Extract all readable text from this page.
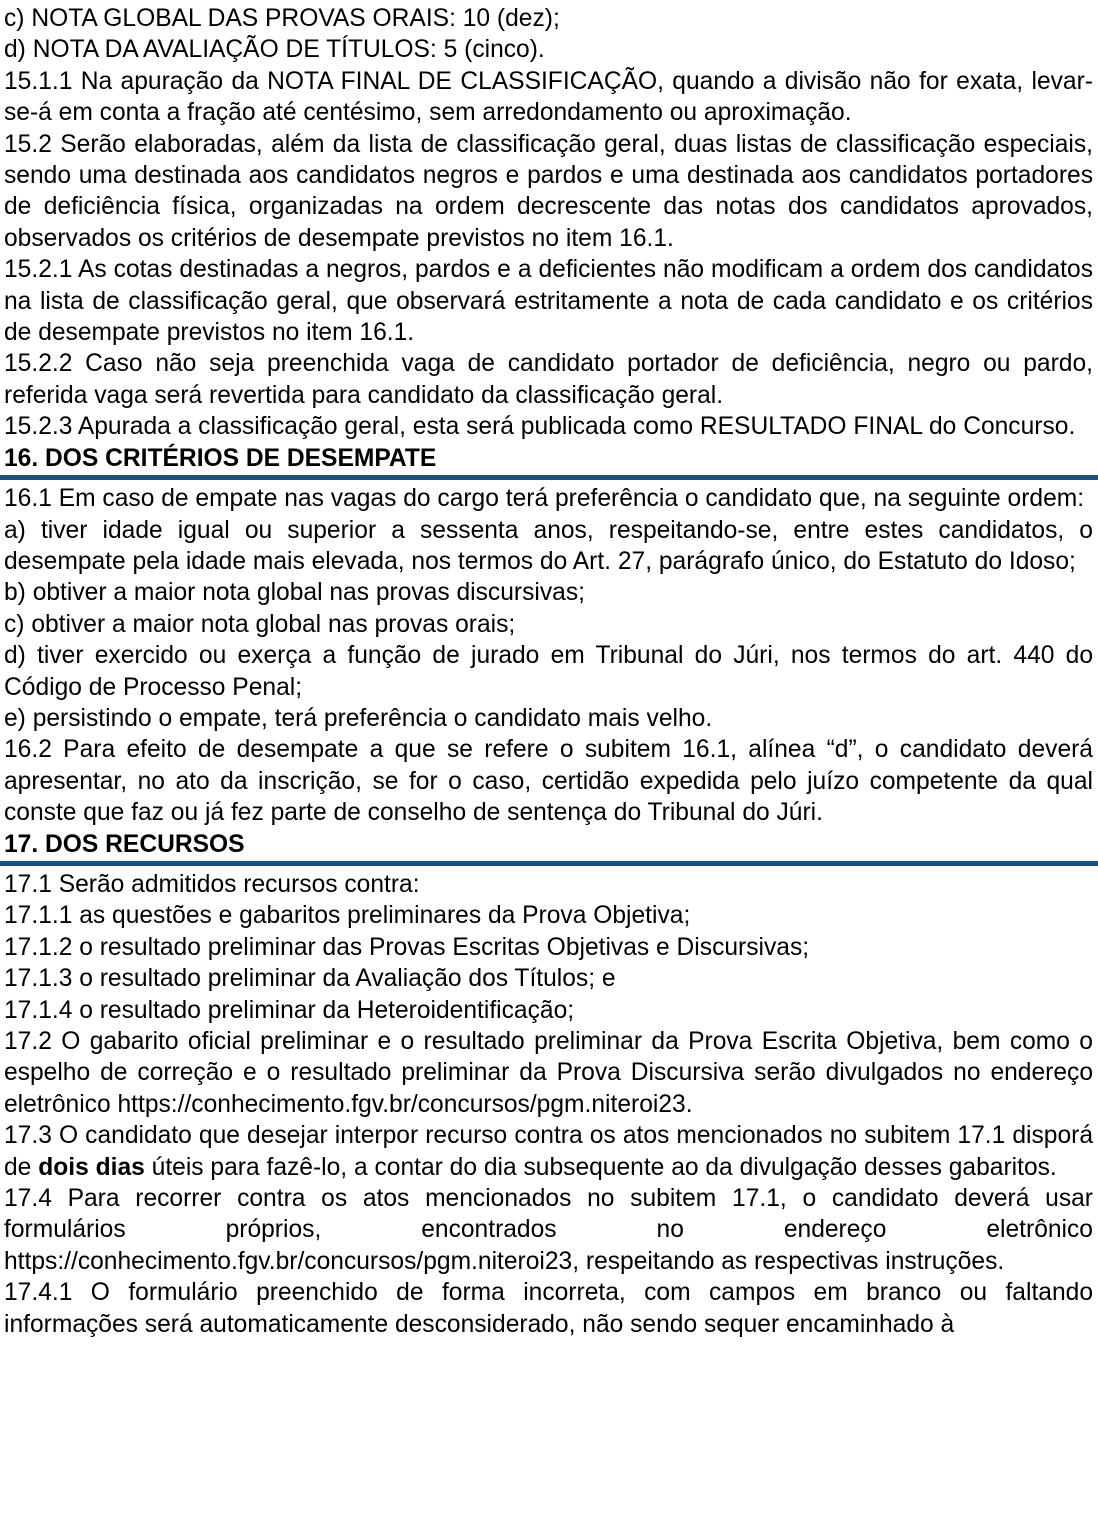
c) NOTA GLOBAL DAS PROVAS ORAIS: 10 (dez);

d) NOTA DA AVALIAÇÃO DE TÍTULOS: 5 (cinco).

15.1.1 Na apuração da NOTA FINAL DE CLASSIFICAÇÃO, quando a divisão não for exata, levar-se-á em conta a fração até centésimo, sem arredondamento ou aproximação.

15.2 Serão elaboradas, além da lista de classificação geral, duas listas de classificação especiais, sendo uma destinada aos candidatos negros e pardos e uma destinada aos candidatos portadores de deficiência física, organizadas na ordem decrescente das notas dos candidatos aprovados, observados os critérios de desempate previstos no item 16.1.

15.2.1 As cotas destinadas a negros, pardos e a deficientes não modificam a ordem dos candidatos na lista de classificação geral, que observará estritamente a nota de cada candidato e os critérios de desempate previstos no item 16.1.

15.2.2 Caso não seja preenchida vaga de candidato portador de deficiência, negro ou pardo, referida vaga será revertida para candidato da classificação geral.

15.2.3 Apurada a classificação geral, esta será publicada como RESULTADO FINAL do Concurso.

16. DOS CRITÉRIOS DE DESEMPATE

16.1 Em caso de empate nas vagas do cargo terá preferência o candidato que, na seguinte ordem:

a) tiver idade igual ou superior a sessenta anos, respeitando-se, entre estes candidatos, o desempate pela idade mais elevada, nos termos do Art. 27, parágrafo único, do Estatuto do Idoso;

b) obtiver a maior nota global nas provas discursivas;

c) obtiver a maior nota global nas provas orais;

d) tiver exercido ou exerça a função de jurado em Tribunal do Júri, nos termos do art. 440 do Código de Processo Penal;

e) persistindo o empate, terá preferência o candidato mais velho.

16.2 Para efeito de desempate a que se refere o subitem 16.1, alínea “d”, o candidato deverá apresentar, no ato da inscrição, se for o caso, certidão expedida pelo juízo competente da qual conste que faz ou já fez parte de conselho de sentença do Tribunal do Júri.

17. DOS RECURSOS

17.1 Serão admitidos recursos contra:

17.1.1 as questões e gabaritos preliminares da Prova Objetiva;

17.1.2 o resultado preliminar das Provas Escritas Objetivas e Discursivas;

17.1.3 o resultado preliminar da Avaliação dos Títulos; e

17.1.4 o resultado preliminar da Heteroidentificação;

17.2 O gabarito oficial preliminar e o resultado preliminar da Prova Escrita Objetiva, bem como o espelho de correção e o resultado preliminar da Prova Discursiva serão divulgados no endereço eletrônico https://conhecimento.fgv.br/concursos/pgm.niteroi23.

17.3 O candidato que desejar interpor recurso contra os atos mencionados no subitem 17.1 disporá de dois dias úteis para fazê-lo, a contar do dia subsequente ao da divulgação desses gabaritos.

17.4 Para recorrer contra os atos mencionados no subitem 17.1, o candidato deverá usar formulários próprios, encontrados no endereço eletrônico https://conhecimento.fgv.br/concursos/pgm.niteroi23, respeitando as respectivas instruções.

17.4.1 O formulário preenchido de forma incorreta, com campos em branco ou faltando informações será automaticamente desconsiderado, não sendo sequer encaminhado à
